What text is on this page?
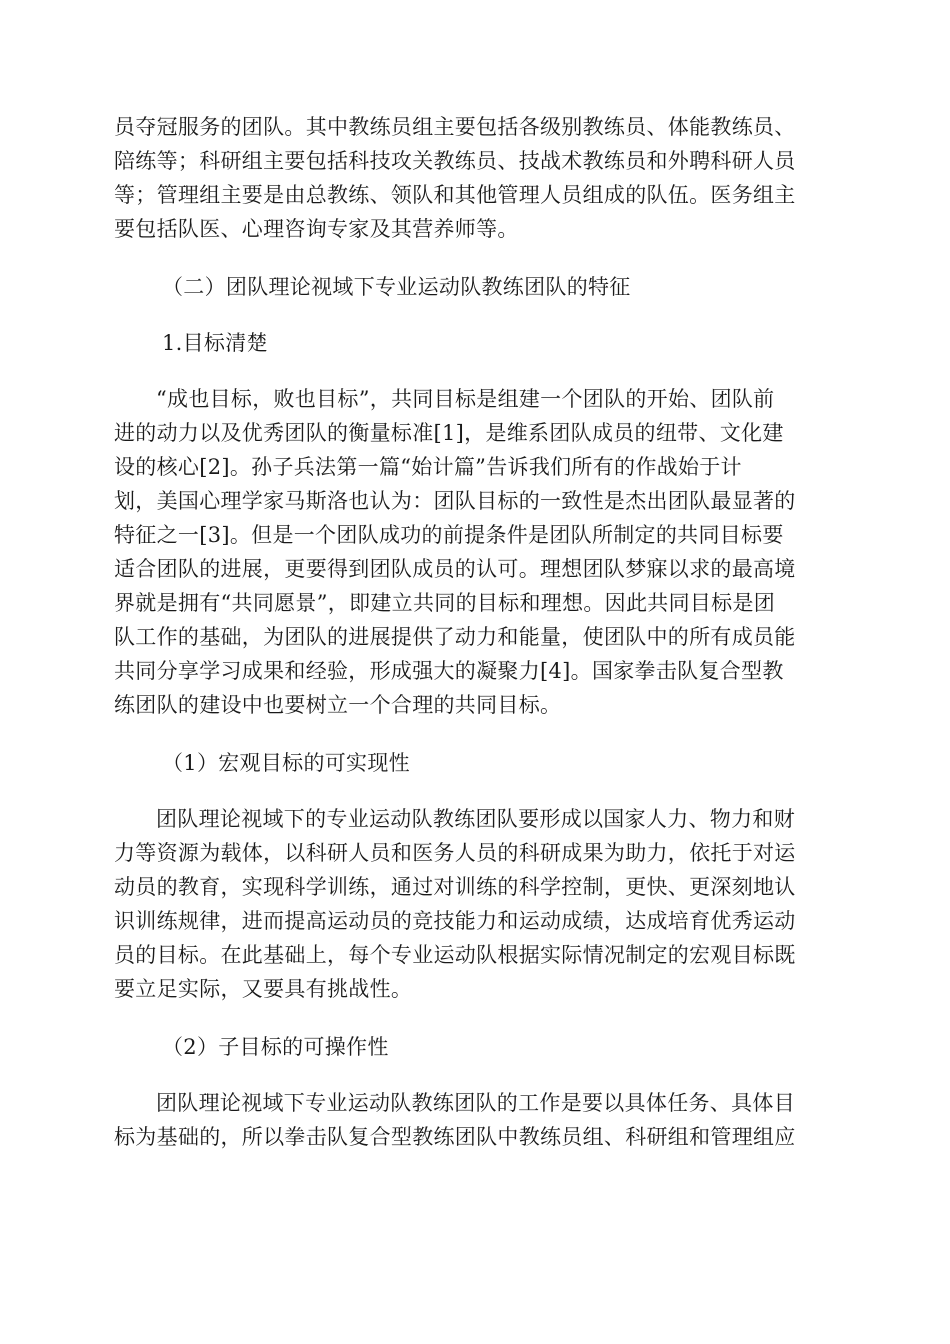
员夺冠服务的团队。其中教练员组主要包括各级别教练员、体能教练员、
陪练等；科研组主要包括科技攻关教练员、技战术教练员和外聘科研人员
等；管理组主要是由总教练、领队和其他管理人员组成的队伍。医务组主
要包括队医、心理咨询专家及其营养师等。
（二）团队理论视域下专业运动队教练团队的特征
1.目标清楚
“成也目标，败也目标”，共同目标是组建一个团队的开始、团队前
进的动力以及优秀团队的衡量标准[1]，是维系团队成员的纽带、文化建
设的核心[2]。孙子兵法第一篇“始计篇”告诉我们所有的作战始于计
划，美国心理学家马斯洛也认为：团队目标的一致性是杰出团队最显著的
特征之一[3]。但是一个团队成功的前提条件是团队所制定的共同目标要
适合团队的进展，更要得到团队成员的认可。理想团队梦寐以求的最高境
界就是拥有“共同愿景”，即建立共同的目标和理想。因此共同目标是团
队工作的基础，为团队的进展提供了动力和能量，使团队中的所有成员能
共同分享学习成果和经验，形成强大的凝聚力[4]。国家拳击队复合型教
练团队的建设中也要树立一个合理的共同目标。
（1）宏观目标的可实现性
团队理论视域下的专业运动队教练团队要形成以国家人力、物力和财
力等资源为载体，以科研人员和医务人员的科研成果为助力，依托于对运
动员的教育，实现科学训练，通过对训练的科学控制，更快、更深刻地认
识训练规律，进而提高运动员的竞技能力和运动成绩，达成培育优秀运动
员的目标。在此基础上，每个专业运动队根据实际情况制定的宏观目标既
要立足实际，又要具有挑战性。
（2）子目标的可操作性
团队理论视域下专业运动队教练团队的工作是要以具体任务、具体目
标为基础的，所以拳击队复合型教练团队中教练员组、科研组和管理组应
